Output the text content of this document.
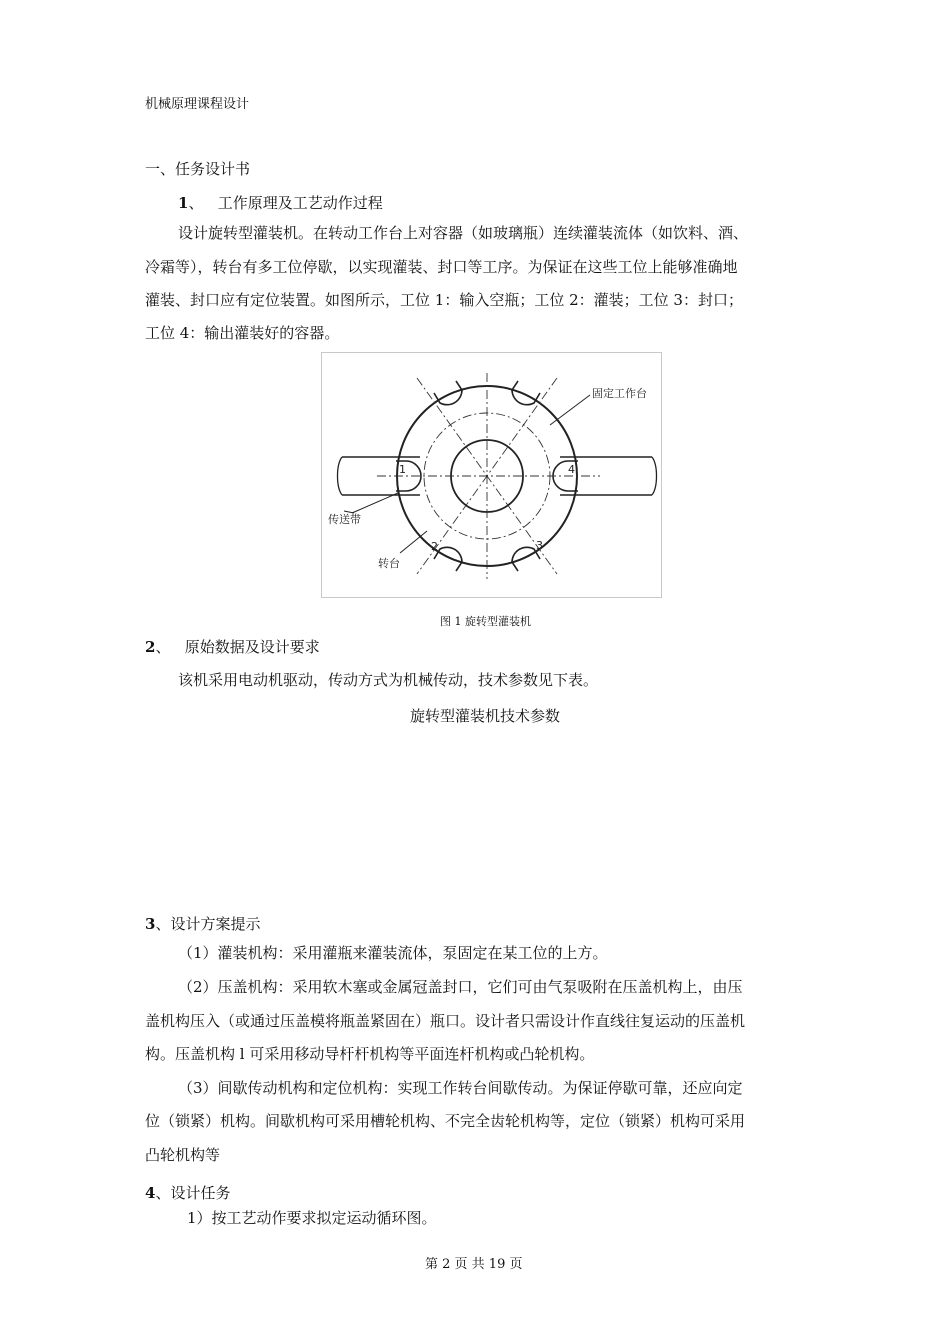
机械原理课程设计
一、任务设计书
1、 工作原理及工艺动作过程
设计旋转型灌装机。在转动工作台上对容器（如玻璃瓶）连续灌装流体（如饮料、酒、
冷霜等），转台有多工位停歇，以实现灌装、封口等工序。为保证在这些工位上能够准确地
灌装、封口应有定位装置。如图所示，工位 1：输入空瓶；工位 2：灌装；工位 3：封口；
工位 4：输出灌装好的容器。
固定工作台
传送带
转台
1
2	3
4
图 1 旋转型灌装机
2、 原始数据及设计要求
该机采用电动机驱动，传动方式为机械传动，技术参数见下表。
旋转型灌装机技术参数
3、设计方案提示
（1）灌装机构：采用灌瓶来灌装流体，泵固定在某工位的上方。
（2）压盖机构：采用软木塞或金属冠盖封口，它们可由气泵吸附在压盖机构上，由压
盖机构压入（或通过压盖模将瓶盖紧固在）瓶口。设计者只需设计作直线往复运动的压盖机
构。压盖机构 l 可采用移动导杆杆机构等平面连杆机构或凸轮机构。
（3）间歇传动机构和定位机构：实现工作转台间歇传动。为保证停歇可靠，还应向定
位（锁紧）机构。间歇机构可采用槽轮机构、不完全齿轮机构等，定位（锁紧）机构可采用
凸轮机构等
4、设计任务
1）按工艺动作要求拟定运动循环图。
第 2 页 共 19 页
